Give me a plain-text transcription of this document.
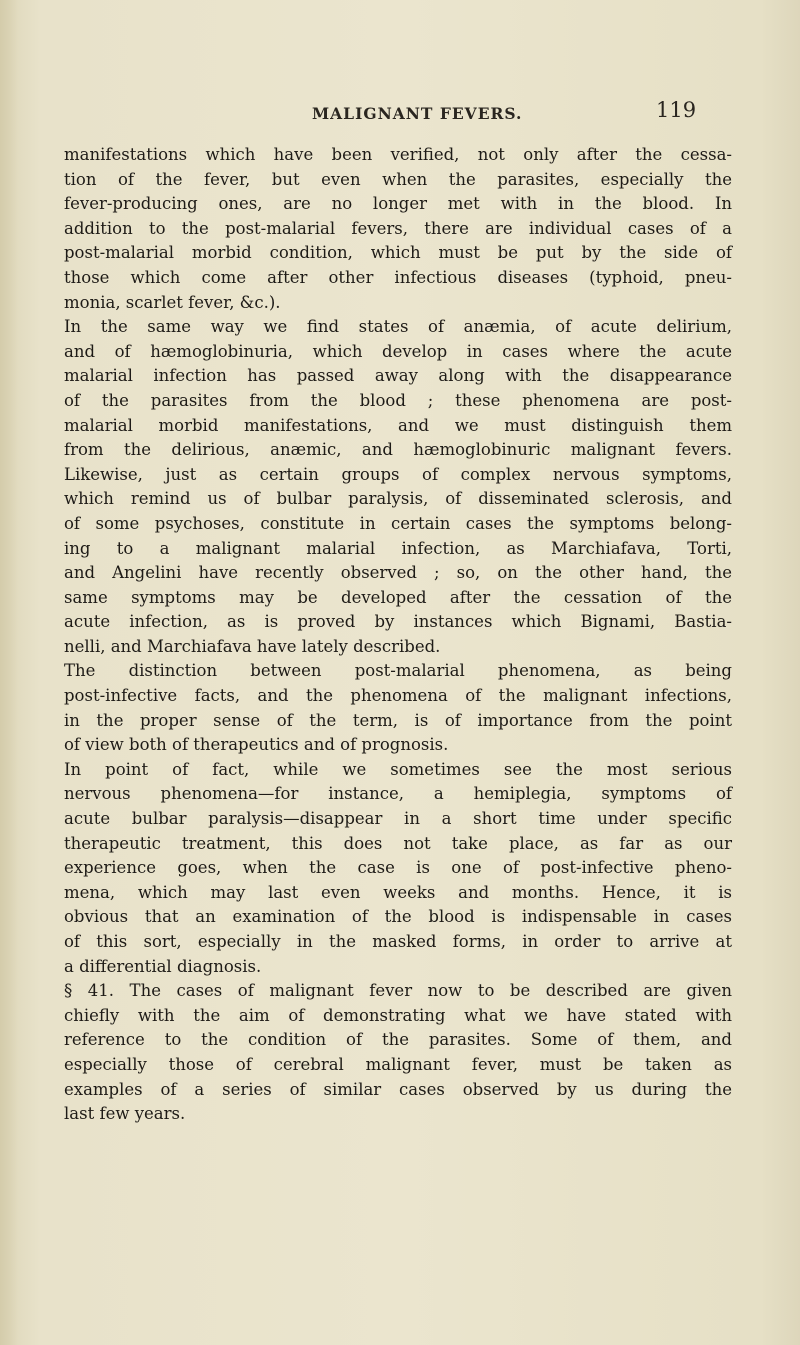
MALIGNANT FEVERS.	119
manifestations which have been verified, not only after the cessa-
tion of the fever, but even when the parasites, especially the
fever-producing ones, are no longer met with in the blood. In
addition to the post-malarial fevers, there are individual cases of a
post-malarial morbid condition, which must be put by the side of
those which come after other infectious diseases (typhoid, pneu-
monia, scarlet fever, &c.).
In the same way we find states of anæmia, of acute delirium,
and of hæmoglobinuria, which develop in cases where the acute
malarial infection has passed away along with the disappearance
of the parasites from the blood ; these phenomena are post-
malarial morbid manifestations, and we must distinguish them
from the delirious, anæmic, and hæmoglobinuric malignant fevers.
Likewise, just as certain groups of complex nervous symptoms,
which remind us of bulbar paralysis, of disseminated sclerosis, and
of some psychoses, constitute in certain cases the symptoms belong-
ing to a malignant malarial infection, as Marchiafava, Torti,
and Angelini have recently observed ; so, on the other hand, the
same symptoms may be developed after the cessation of the
acute infection, as is proved by instances which Bignami, Bastia-
nelli, and Marchiafava have lately described.
The distinction between post-malarial phenomena, as being
post-infective facts, and the phenomena of the malignant infections,
in the proper sense of the term, is of importance from the point
of view both of therapeutics and of prognosis.
In point of fact, while we sometimes see the most serious
nervous phenomena—for instance, a hemiplegia, symptoms of
acute bulbar paralysis—disappear in a short time under specific
therapeutic treatment, this does not take place, as far as our
experience goes, when the case is one of post-infective pheno-
mena, which may last even weeks and months. Hence, it is
obvious that an examination of the blood is indispensable in cases
of this sort, especially in the masked forms, in order to arrive at
a differential diagnosis.
§ 41. The cases of malignant fever now to be described are given
chiefly with the aim of demonstrating what we have stated with
reference to the condition of the parasites. Some of them, and
especially those of cerebral malignant fever, must be taken as
examples of a series of similar cases observed by us during the
last few years.
